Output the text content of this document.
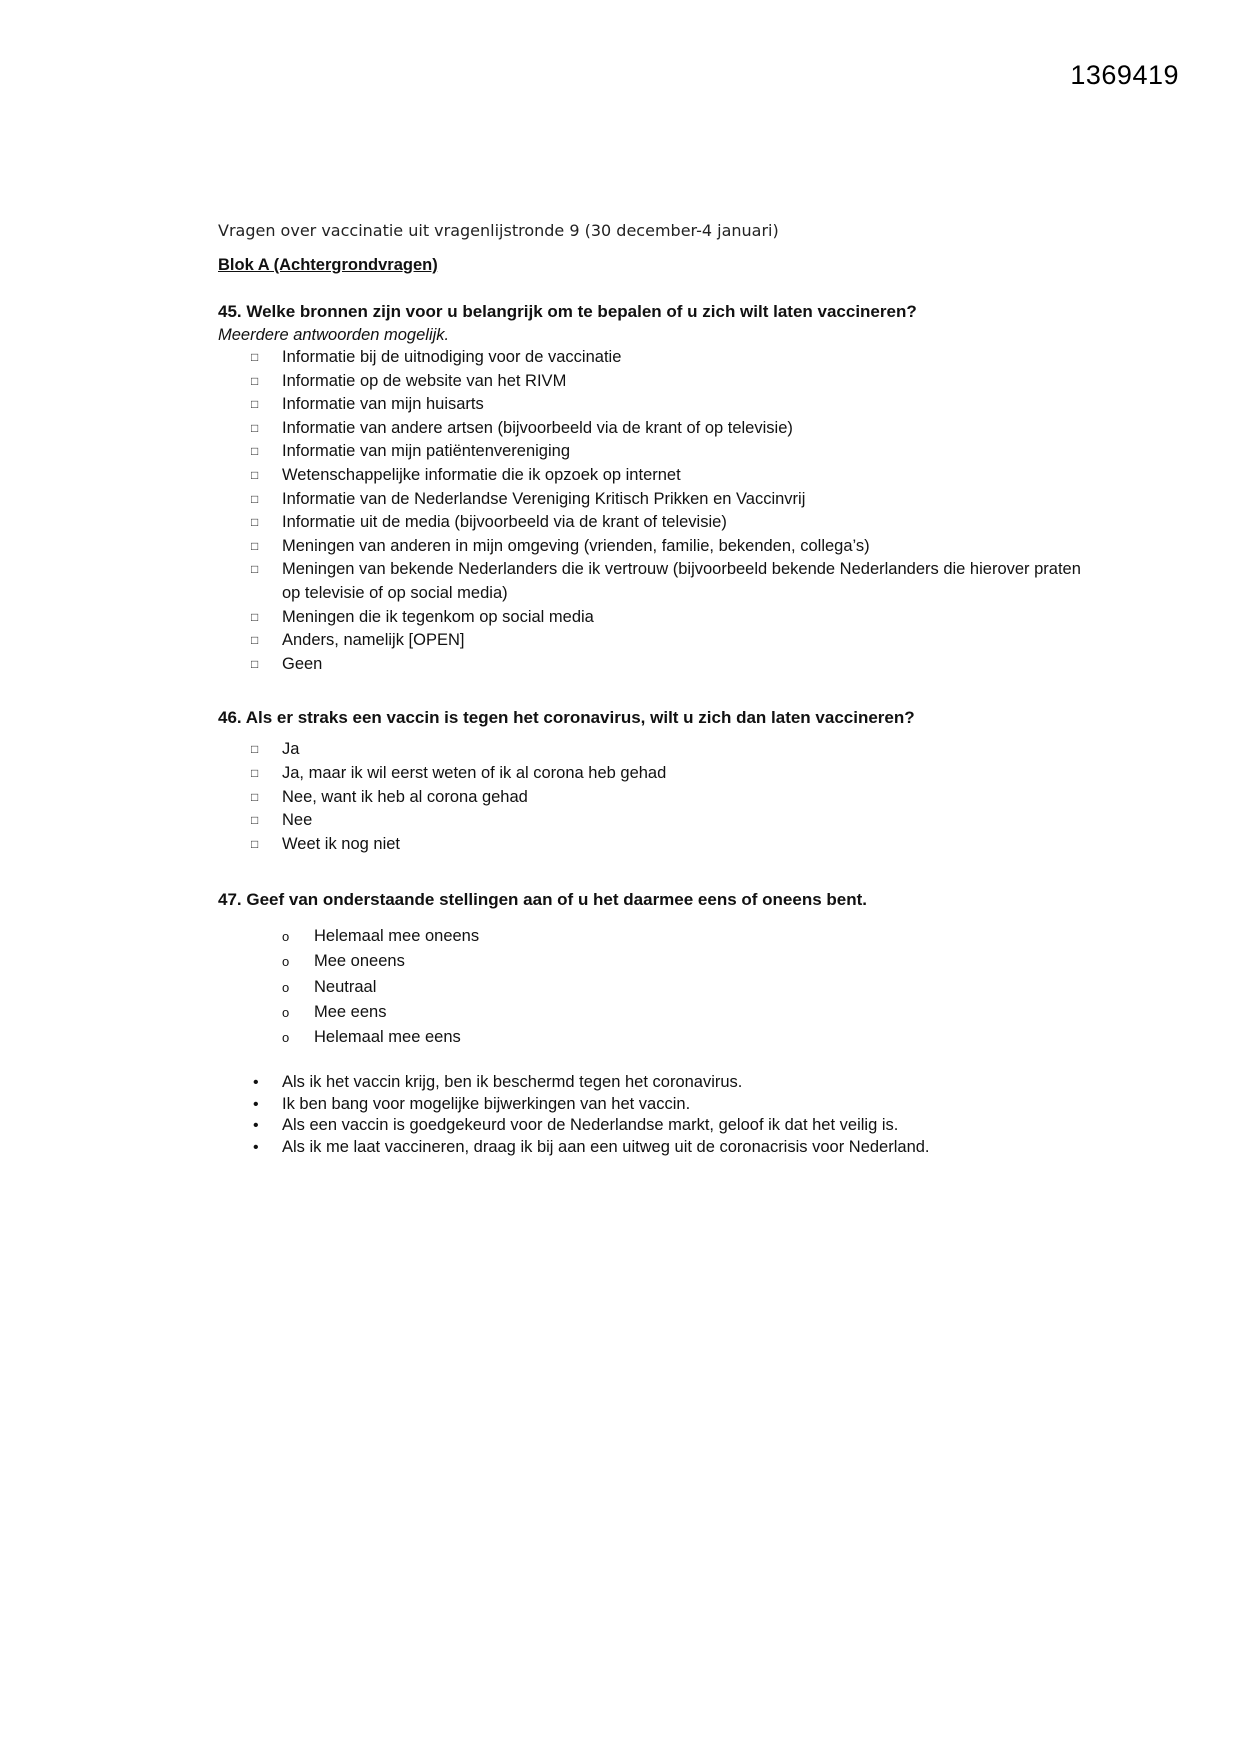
1369419

Vragen over vaccinatie uit vragenlijstronde 9 (30 december-4 januari)

Blok A (Achtergrondvragen)

45. Welke bronnen zijn voor u belangrijk om te bepalen of u zich wilt laten vaccineren?

Meerdere antwoorden mogelijk.

□ Informatie bij de uitnodiging voor de vaccinatie
□ Informatie op de website van het RIVM
□ Informatie van mijn huisarts
□ Informatie van andere artsen (bijvoorbeeld via de krant of op televisie)
□ Informatie van mijn patiëntenvereniging
□ Wetenschappelijke informatie die ik opzoek op internet
□ Informatie van de Nederlandse Vereniging Kritisch Prikken en Vaccinvrij
□ Informatie uit de media (bijvoorbeeld via de krant of televisie)
□ Meningen van anderen in mijn omgeving (vrienden, familie, bekenden, collega’s)
□ Meningen van bekende Nederlanders die ik vertrouw (bijvoorbeeld bekende Nederlanders die hierover praten op televisie of op social media)
□ Meningen die ik tegenkom op social media
□ Anders, namelijk [OPEN]
□ Geen

46. Als er straks een vaccin is tegen het coronavirus, wilt u zich dan laten vaccineren?

□ Ja
□ Ja, maar ik wil eerst weten of ik al corona heb gehad
□ Nee, want ik heb al corona gehad
□ Nee
□ Weet ik nog niet

47. Geef van onderstaande stellingen aan of u het daarmee eens of oneens bent.

o Helemaal mee oneens
o Mee oneens
o Neutraal
o Mee eens
o Helemaal mee eens
• Als ik het vaccin krijg, ben ik beschermd tegen het coronavirus.
• Ik ben bang voor mogelijke bijwerkingen van het vaccin.
• Als een vaccin is goedgekeurd voor de Nederlandse markt, geloof ik dat het veilig is.
• Als ik me laat vaccineren, draag ik bij aan een uitweg uit de coronacrisis voor Nederland.
